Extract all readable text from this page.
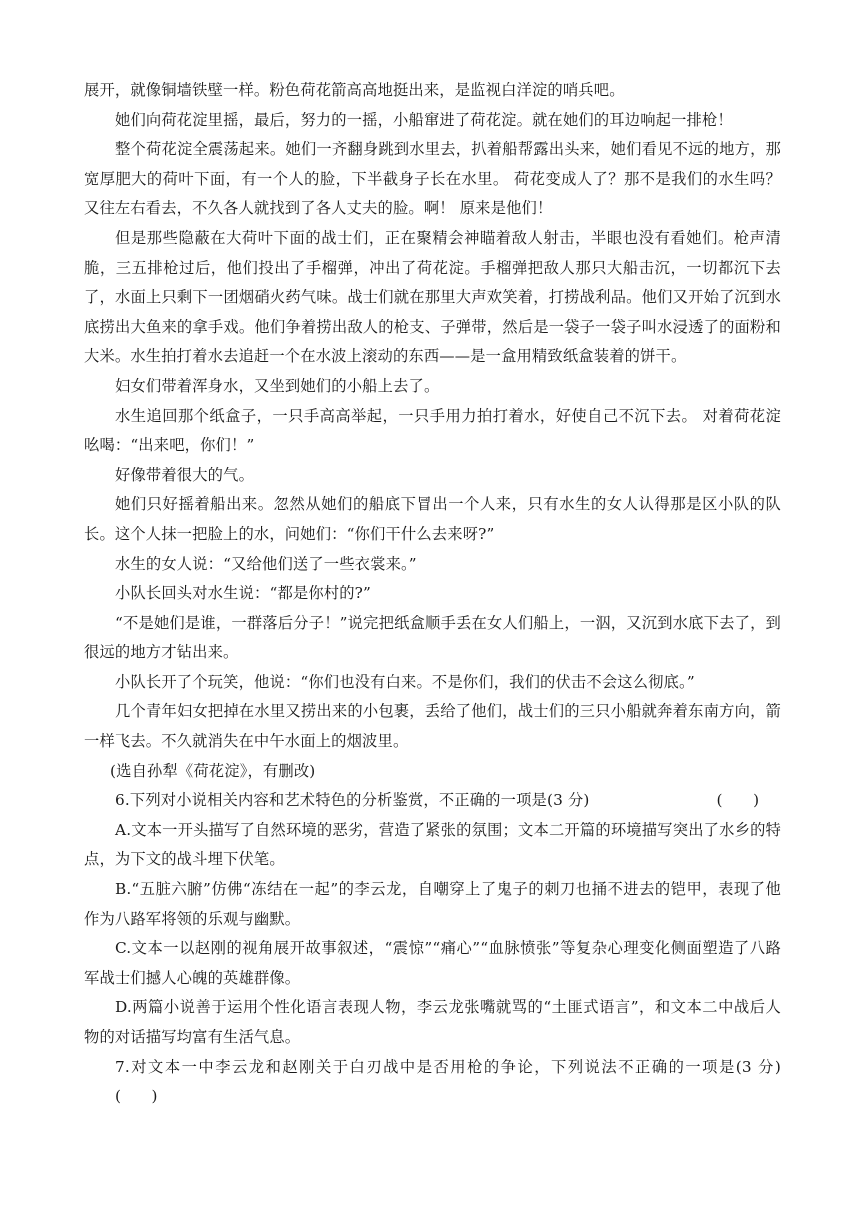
展开，就像铜墙铁壁一样。粉色荷花箭高高地挺出来，是监视白洋淀的哨兵吧。

她们向荷花淀里摇，最后，努力的一摇，小船窜进了荷花淀。就在她们的耳边响起一排枪！

整个荷花淀全震荡起来。她们一齐翻身跳到水里去，扒着船帮露出头来，她们看见不远的地方，那宽厚肥大的荷叶下面，有一个人的脸，下半截身子长在水里。 荷花变成人了？那不是我们的水生吗？又往左右看去，不久各人就找到了各人丈夫的脸。啊！ 原来是他们！

但是那些隐蔽在大荷叶下面的战士们，正在聚精会神瞄着敌人射击，半眼也没有看她们。枪声清脆，三五排枪过后，他们投出了手榴弹，冲出了荷花淀。手榴弹把敌人那只大船击沉，一切都沉下去了，水面上只剩下一团烟硝火药气味。战士们就在那里大声欢笑着，打捞战利品。他们又开始了沉到水底捞出大鱼来的拿手戏。他们争着捞出敌人的枪支、子弹带，然后是一袋子一袋子叫水浸透了的面粉和大米。水生拍打着水去追赶一个在水波上滚动的东西——是一盒用精致纸盒装着的饼干。

妇女们带着浑身水，又坐到她们的小船上去了。

水生追回那个纸盒子，一只手高高举起，一只手用力拍打着水，好使自己不沉下去。 对着荷花淀吆喝：“出来吧，你们！”

好像带着很大的气。

她们只好摇着船出来。忽然从她们的船底下冒出一个人来，只有水生的女人认得那是区小队的队长。这个人抹一把脸上的水，问她们：“你们干什么去来呀?”

水生的女人说：“又给他们送了一些衣裳来。”

小队长回头对水生说：“都是你村的?”

“不是她们是谁，一群落后分子！”说完把纸盒顺手丢在女人们船上，一泅，又沉到水底下去了，到很远的地方才钻出来。

小队长开了个玩笑，他说：“你们也没有白来。不是你们，我们的伏击不会这么彻底。”

几个青年妇女把掉在水里又捞出来的小包裹，丢给了他们，战士们的三只小船就奔着东南方向，箭一样飞去。不久就消失在中午水面上的烟波里。

(选自孙犁《荷花淀》，有删改)

6.下列对小说相关内容和艺术特色的分析鉴赏，不正确的一项是(3 分)	(　　)

A.文本一开头描写了自然环境的恶劣，营造了紧张的氛围；文本二开篇的环境描写突出了水乡的特点，为下文的战斗埋下伏笔。

B.“五脏六腑”仿佛“冻结在一起”的李云龙，自嘲穿上了鬼子的刺刀也捅不进去的铠甲，表现了他作为八路军将领的乐观与幽默。

C.文本一以赵刚的视角展开故事叙述，“震惊”“痛心”“血脉愤张”等复杂心理变化侧面塑造了八路军战士们撼人心魄的英雄群像。

D.两篇小说善于运用个性化语言表现人物，李云龙张嘴就骂的“土匪式语言”，和文本二中战后人物的对话描写均富有生活气息。

7.对文本一中李云龙和赵刚关于白刃战中是否用枪的争论，下列说法不正确的一项是(3 分)(　　)
